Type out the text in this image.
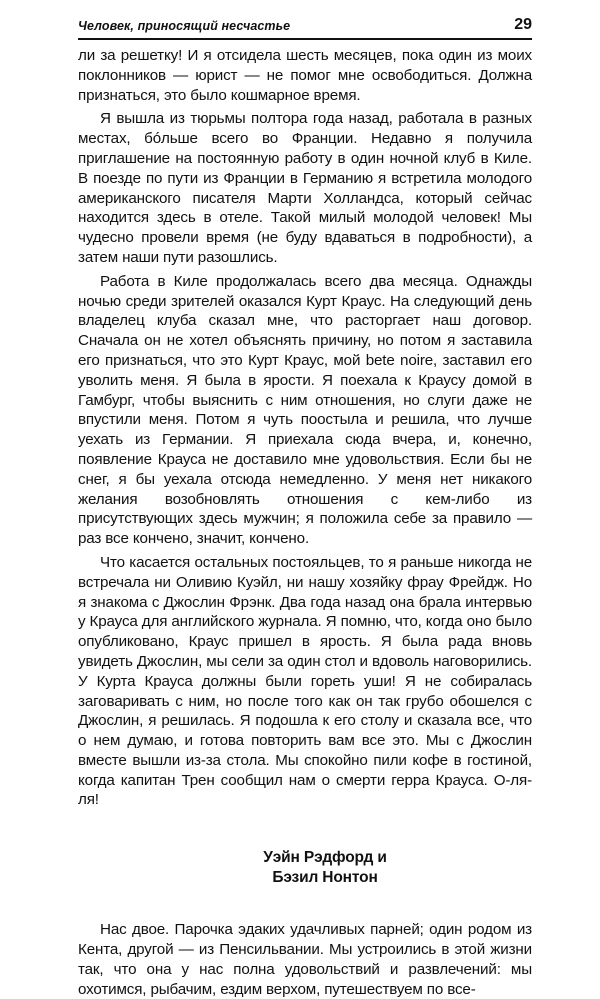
Человек, приносящий несчастье	29

ли за решетку! И я отсидела шесть месяцев, пока один из моих поклонников — юрист — не помог мне освободиться. Должна признаться, это было кошмарное время.

Я вышла из тюрьмы полтора года назад, работала в разных местах, бóльше всего во Франции. Недавно я получила приглашение на постоянную работу в один ночной клуб в Киле. В поезде по пути из Франции в Германию я встретила молодого американского писателя Марти Холландса, который сейчас находится здесь в отеле. Такой милый молодой человек! Мы чудесно провели время (не буду вдаваться в подробности), а затем наши пути разошлись.

Работа в Киле продолжалась всего два месяца. Однажды ночью среди зрителей оказался Курт Краус. На следующий день владелец клуба сказал мне, что расторгает наш договор. Сначала он не хотел объяснять причину, но потом я заставила его признаться, что это Курт Краус, мой bete noire, заставил его уволить меня. Я была в ярости. Я поехала к Краусу домой в Гамбург, чтобы выяснить с ним отношения, но слуги даже не впустили меня. Потом я чуть поостыла и решила, что лучше уехать из Германии. Я приехала сюда вчера, и, конечно, появление Крауса не доставило мне удовольствия. Если бы не снег, я бы уехала отсюда немедленно. У меня нет никакого желания возобновлять отношения с кем-либо из присутствующих здесь мужчин; я положила себе за правило — раз все кончено, значит, кончено.

Что касается остальных постояльцев, то я раньше никогда не встречала ни Оливию Куэйл, ни нашу хозяйку фрау Фрейдж. Но я знакома с Джослин Фрэнк. Два года назад она брала интервью у Крауса для английского журнала. Я помню, что, когда оно было опубликовано, Краус пришел в ярость. Я была рада вновь увидеть Джослин, мы сели за один стол и вдоволь наговорились. У Курта Крауса должны были гореть уши! Я не собиралась заговаривать с ним, но после того как он так грубо обошелся с Джослин, я решилась. Я подошла к его столу и сказала все, что о нем думаю, и готова повторить вам все это. Мы с Джослин вместе вышли из-за стола. Мы спокойно пили кофе в гостиной, когда капитан Трен сообщил нам о смерти герра Крауса. О-ля-ля!

Уэйн Рэдфорд и
Бэзил Нонтон

Нас двое. Парочка эдаких удачливых парней; один родом из Кента, другой — из Пенсильвании. Мы устроились в этой жизни так, что она у нас полна удовольствий и развлечений: мы охотимся, рыбачим, ездим верхом, путешествуем по все-
